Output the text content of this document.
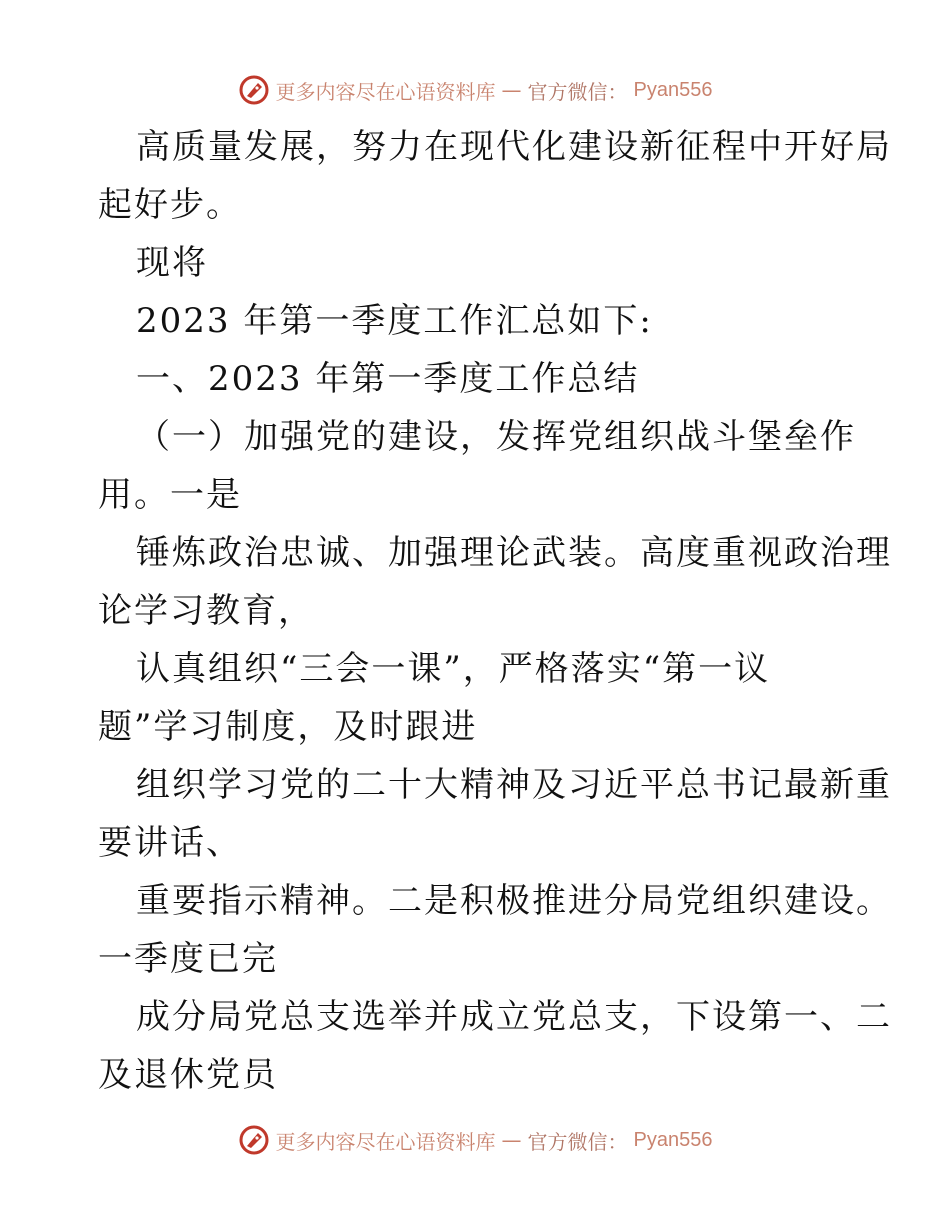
更多内容尽在心语资料库 — 官方微信： Pyan556
高质量发展，努力在现代化建设新征程中开好局
起好步。
现将
2023 年第一季度工作汇总如下:
一、2023 年第一季度工作总结
（一）加强党的建设，发挥党组织战斗堡垒作
用。一是
锤炼政治忠诚、加强理论武装。高度重视政治理
论学习教育，
认真组织“三会一课”，严格落实“第一议
题”学习制度，及时跟进
组织学习党的二十大精神及习近平总书记最新重
要讲话、
重要指示精神。二是积极推进分局党组织建设。
一季度已完
成分局党总支选举并成立党总支，下设第一、二
及退休党员
更多内容尽在心语资料库 — 官方微信： Pyan556
